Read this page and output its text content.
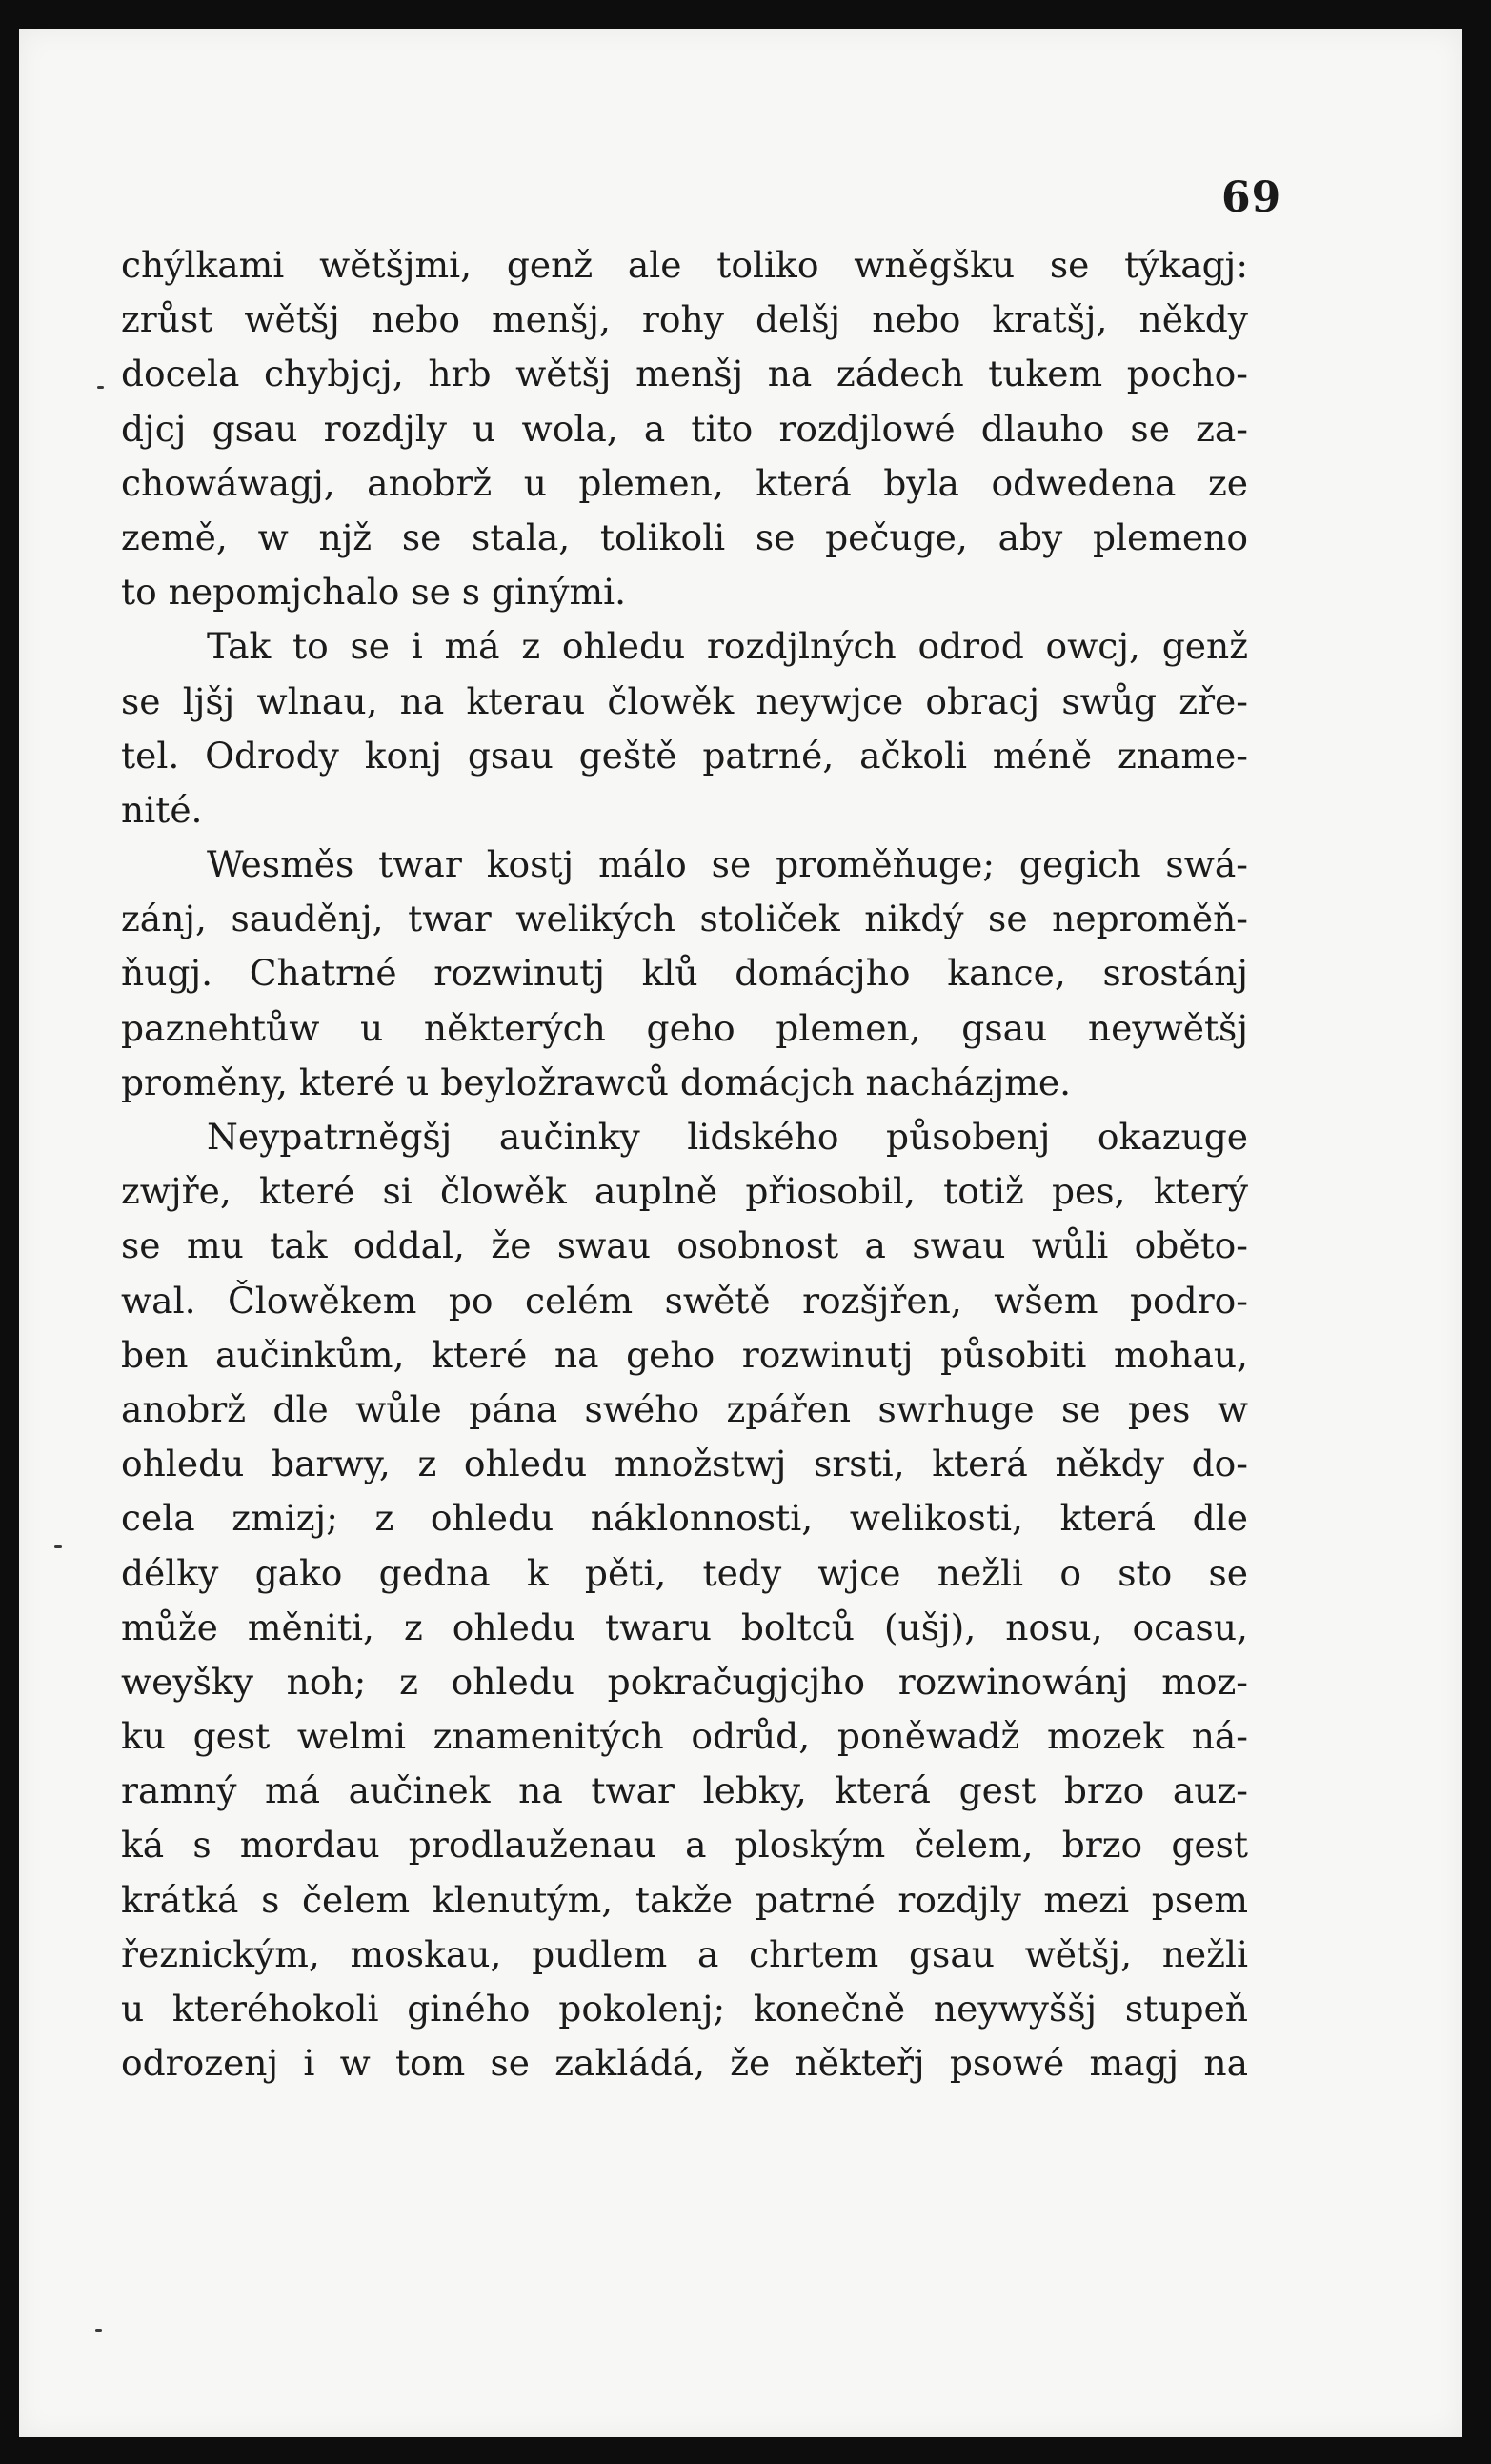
69
chýlkami wětšjmi, genž ale toliko wněgšku se týkagj:
zrůst wětšj nebo menšj, rohy delšj nebo kratšj, někdy
docela chybjcj, hrb wětšj menšj na zádech tukem pocho-
djcj gsau rozdjly u wola, a tito rozdjlowé dlauho se za-
chowáwagj, anobrž u plemen, která byla odwedena ze
země, w njž se stala, tolikoli se pečuge, aby plemeno
to nepomjchalo se s ginými.
Tak to se i má z ohledu rozdjlných odrod owcj, genž
se ljšj wlnau, na kterau člowěk neywjce obracj swůg zře-
tel. Odrody konj gsau geště patrné, ačkoli méně zname-
nité.
Wesměs twar kostj málo se proměňuge; gegich swá-
zánj, sauděnj, twar welikých stoliček nikdý se neproměň-
ňugj. Chatrné rozwinutj klů domácjho kance, srostánj
paznehtůw u některých geho plemen, gsau neywětšj
proměny, které u beyložrawců domácjch nacházjme.
Neypatrněgšj aučinky lidského působenj okazuge
zwjře, které si člowěk auplně přiosobil, totiž pes, který
se mu tak oddal, že swau osobnost a swau wůli oběto-
wal. Člowěkem po celém swětě rozšjřen, wšem podro-
ben aučinkům, které na geho rozwinutj působiti mohau,
anobrž dle wůle pána swého zpářen swrhuge se pes w
ohledu barwy, z ohledu množstwj srsti, která někdy do-
cela zmizj; z ohledu náklonnosti, welikosti, která dle
délky gako gedna k pěti, tedy wjce nežli o sto se
může měniti, z ohledu twaru boltců (ušj), nosu, ocasu,
weyšky noh; z ohledu pokračugjcjho rozwinowánj moz-
ku gest welmi znamenitých odrůd, poněwadž mozek ná-
ramný má aučinek na twar lebky, která gest brzo auz-
ká s mordau prodlauženau a ploským čelem, brzo gest
krátká s čelem klenutým, takže patrné rozdjly mezi psem
řeznickým, moskau, pudlem a chrtem gsau wětšj, nežli
u kteréhokoli giného pokolenj; konečně neywyššj stupeň
odrozenj i w tom se zakládá, že někteřj psowé magj na
